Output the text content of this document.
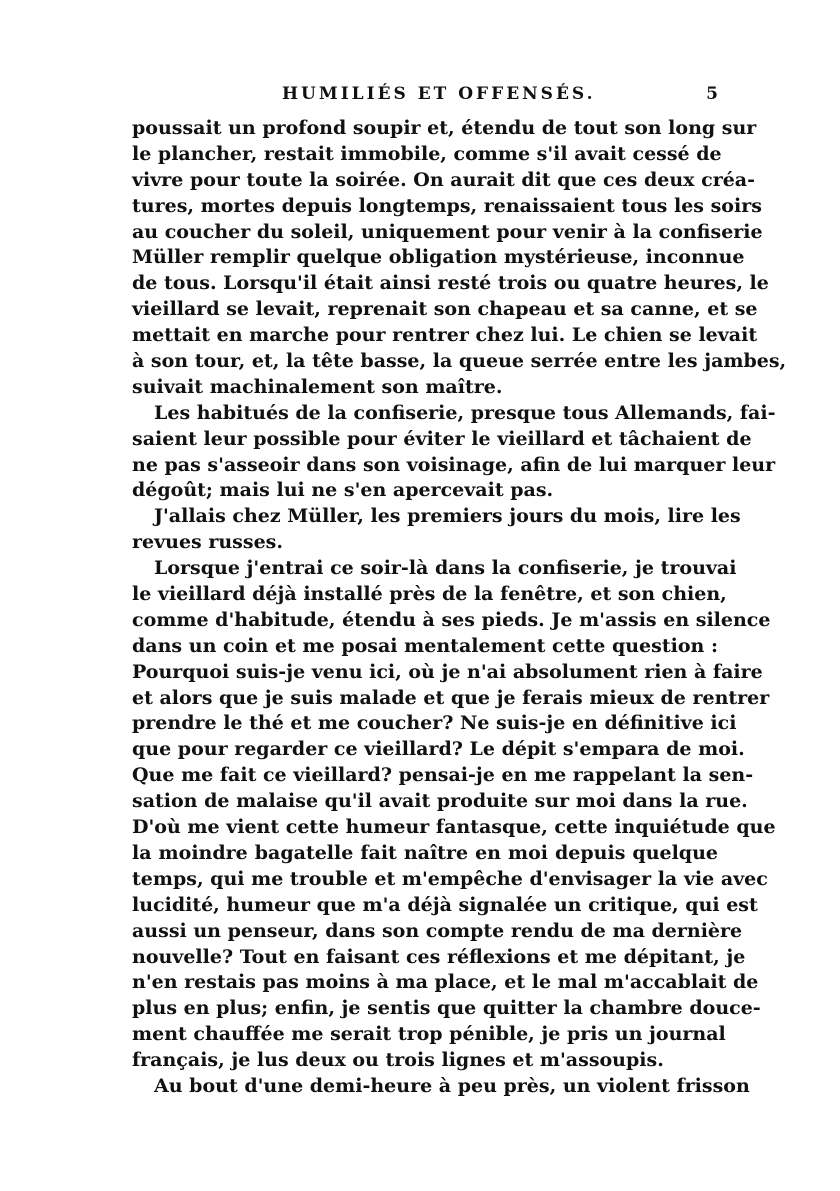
HUMILIÉS ET OFFENSÉS.	5
poussait un profond soupir et, étendu de tout son long sur
le plancher, restait immobile, comme s'il avait cessé de
vivre pour toute la soirée. On aurait dit que ces deux créa-
tures, mortes depuis longtemps, renaissaient tous les soirs
au coucher du soleil, uniquement pour venir à la confiserie
Müller remplir quelque obligation mystérieuse, inconnue
de tous. Lorsqu'il était ainsi resté trois ou quatre heures, le
vieillard se levait, reprenait son chapeau et sa canne, et se
mettait en marche pour rentrer chez lui. Le chien se levait
à son tour, et, la tête basse, la queue serrée entre les jambes,
suivait machinalement son maître.
Les habitués de la confiserie, presque tous Allemands, fai-
saient leur possible pour éviter le vieillard et tâchaient de
ne pas s'asseoir dans son voisinage, afin de lui marquer leur
dégoût; mais lui ne s'en apercevait pas.
J'allais chez Müller, les premiers jours du mois, lire les
revues russes.
Lorsque j'entrai ce soir-là dans la confiserie, je trouvai
le vieillard déjà installé près de la fenêtre, et son chien,
comme d'habitude, étendu à ses pieds. Je m'assis en silence
dans un coin et me posai mentalement cette question :
Pourquoi suis-je venu ici, où je n'ai absolument rien à faire
et alors que je suis malade et que je ferais mieux de rentrer
prendre le thé et me coucher? Ne suis-je en définitive ici
que pour regarder ce vieillard? Le dépit s'empara de moi.
Que me fait ce vieillard? pensai-je en me rappelant la sen-
sation de malaise qu'il avait produite sur moi dans la rue.
D'où me vient cette humeur fantasque, cette inquiétude que
la moindre bagatelle fait naître en moi depuis quelque
temps, qui me trouble et m'empêche d'envisager la vie avec
lucidité, humeur que m'a déjà signalée un critique, qui est
aussi un penseur, dans son compte rendu de ma dernière
nouvelle? Tout en faisant ces réflexions et me dépitant, je
n'en restais pas moins à ma place, et le mal m'accablait de
plus en plus; enfin, je sentis que quitter la chambre douce-
ment chauffée me serait trop pénible, je pris un journal
français, je lus deux ou trois lignes et m'assoupis.
Au bout d'une demi-heure à peu près, un violent frisson
